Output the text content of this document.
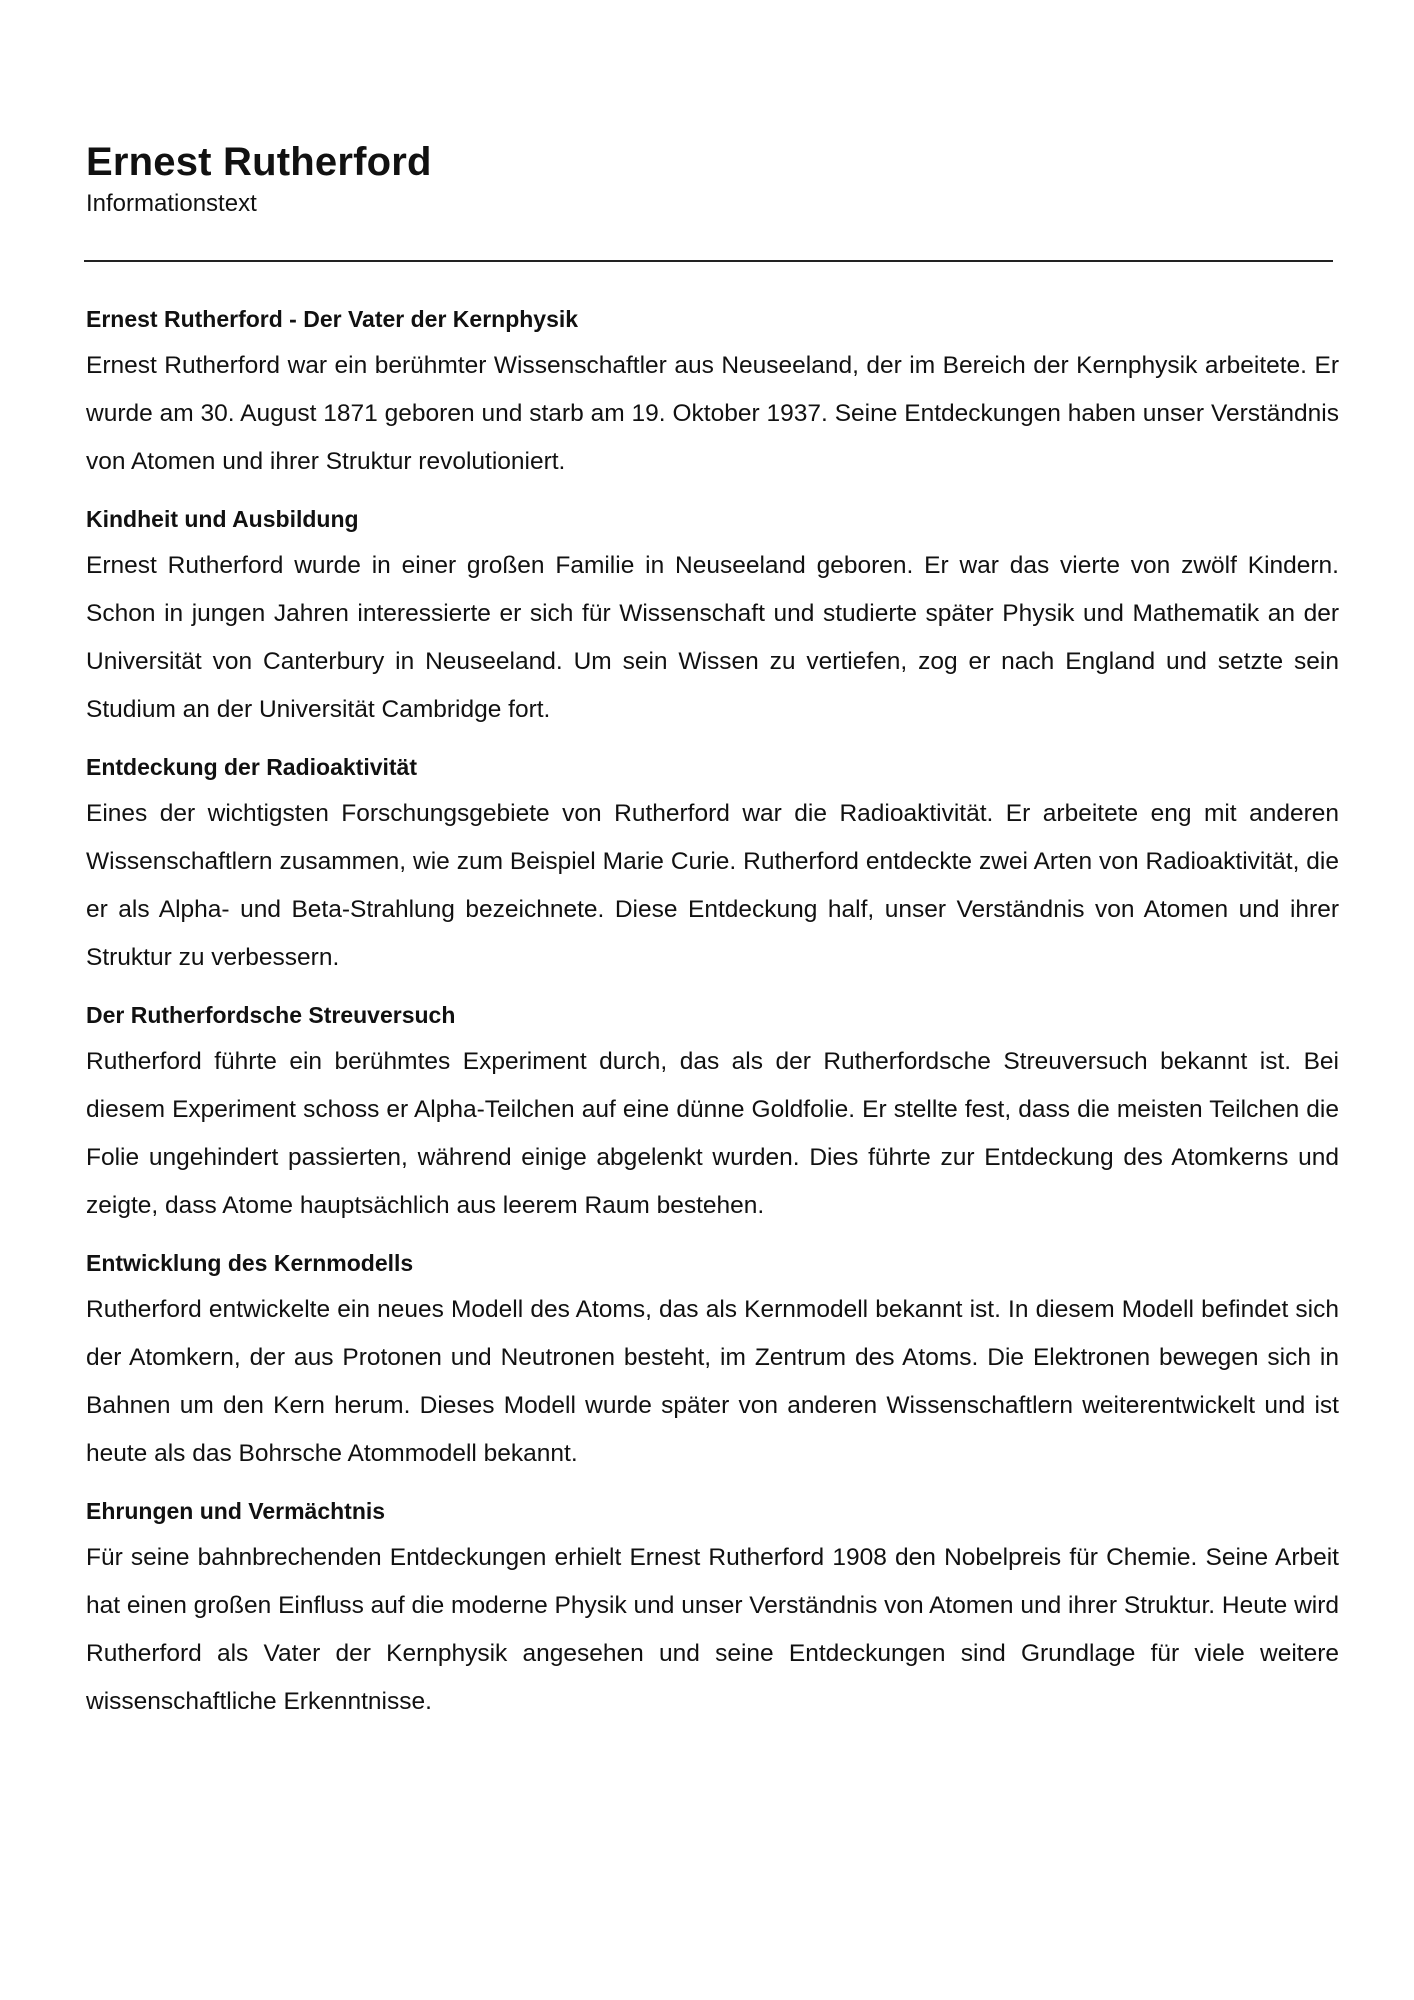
Ernest Rutherford
Informationstext
Ernest Rutherford - Der Vater der Kernphysik

Ernest Rutherford war ein berühmter Wissenschaftler aus Neuseeland, der im Bereich der Kernphysik arbeitete. Er wurde am 30. August 1871 geboren und starb am 19. Oktober 1937. Seine Entdeckungen haben unser Verständnis von Atomen und ihrer Struktur revolutioniert.

Kindheit und Ausbildung

Ernest Rutherford wurde in einer großen Familie in Neuseeland geboren. Er war das vierte von zwölf Kindern. Schon in jungen Jahren interessierte er sich für Wissenschaft und studierte später Physik und Mathematik an der Universität von Canterbury in Neuseeland. Um sein Wissen zu vertiefen, zog er nach England und setzte sein Studium an der Universität Cambridge fort.

Entdeckung der Radioaktivität

Eines der wichtigsten Forschungsgebiete von Rutherford war die Radioaktivität. Er arbeitete eng mit anderen Wissenschaftlern zusammen, wie zum Beispiel Marie Curie. Rutherford entdeckte zwei Arten von Radioaktivität, die er als Alpha- und Beta-Strahlung bezeichnete. Diese Entdeckung half, unser Verständnis von Atomen und ihrer Struktur zu verbessern.

Der Rutherfordsche Streuversuch

Rutherford führte ein berühmtes Experiment durch, das als der Rutherfordsche Streuversuch bekannt ist. Bei diesem Experiment schoss er Alpha-Teilchen auf eine dünne Goldfolie. Er stellte fest, dass die meisten Teilchen die Folie ungehindert passierten, während einige abgelenkt wurden. Dies führte zur Entdeckung des Atomkerns und zeigte, dass Atome hauptsächlich aus leerem Raum bestehen.

Entwicklung des Kernmodells

Rutherford entwickelte ein neues Modell des Atoms, das als Kernmodell bekannt ist. In diesem Modell befindet sich der Atomkern, der aus Protonen und Neutronen besteht, im Zentrum des Atoms. Die Elektronen bewegen sich in Bahnen um den Kern herum. Dieses Modell wurde später von anderen Wissenschaftlern weiterentwickelt und ist heute als das Bohrsche Atommodell bekannt.

Ehrungen und Vermächtnis

Für seine bahnbrechenden Entdeckungen erhielt Ernest Rutherford 1908 den Nobelpreis für Chemie. Seine Arbeit hat einen großen Einfluss auf die moderne Physik und unser Verständnis von Atomen und ihrer Struktur. Heute wird Rutherford als Vater der Kernphysik angesehen und seine Entdeckungen sind Grundlage für viele weitere wissenschaftliche Erkenntnisse.
